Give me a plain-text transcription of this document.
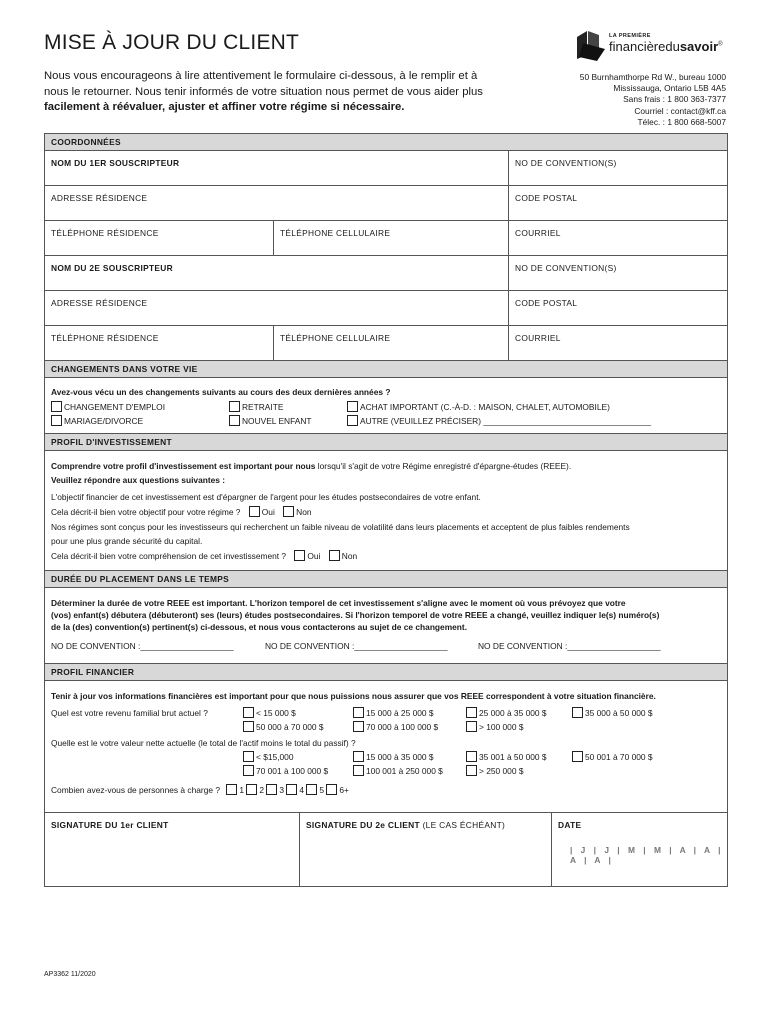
MISE À JOUR DU CLIENT
Nous vous encourageons à lire attentivement le formulaire ci-dessous, à le remplir et à nous le retourner. Nous tenir informés de votre situation nous permet de vous aider plus facilement à réévaluer, ajuster et affiner votre régime si nécessaire.
LA PREMIÈRE
financièredusavoir®
50 Burnhamthorpe Rd W., bureau 1000
Mississauga, Ontario L5B 4A5
Sans frais : 1 800 363-7377
Courriel : contact@kff.ca
Télec. : 1 800 668-5007
COORDONNÉES
NOM DU 1ER SOUSCRIPTEUR	NO DE CONVENTION(S)
ADRESSE RÉSIDENCE	CODE POSTAL
TÉLÉPHONE RÉSIDENCE	TÉLÉPHONE CELLULAIRE	COURRIEL
NOM DU 2E SOUSCRIPTEUR	NO DE CONVENTION(S)
ADRESSE RÉSIDENCE	CODE POSTAL
TÉLÉPHONE RÉSIDENCE	TÉLÉPHONE CELLULAIRE	COURRIEL
CHANGEMENTS DANS VOTRE VIE
Avez-vous vécu un des changements suivants au cours des deux dernières années ?
CHANGEMENT D'EMPLOI	RETRAITE	ACHAT IMPORTANT (C.-À-D. : MAISON, CHALET, AUTOMOBILE)
MARIAGE/DIVORCE	NOUVEL ENFANT	AUTRE (VEUILLEZ PRÉCISER) ____________________________________
PROFIL D'INVESTISSEMENT
Comprendre votre profil d'investissement est important pour nous lorsqu'il s'agit de votre Régime enregistré d'épargne-études (REEE).
Veuillez répondre aux questions suivantes :
L'objectif financier de cet investissement est d'épargner de l'argent pour les études postsecondaires de votre enfant.
Cela décrit-il bien votre objectif pour votre régime ?	Oui	Non
Nos régimes sont conçus pour les investisseurs qui recherchent un faible niveau de volatilité dans leurs placements et acceptent de plus faibles rendements
pour une plus grande sécurité du capital.
Cela décrit-il bien votre compréhension de cet investissement ?	Oui	Non
DURÉE DU PLACEMENT DANS LE TEMPS
Déterminer la durée de votre REEE est important. L'horizon temporel de cet investissement s'aligne avec le moment où vous prévoyez que votre
(vos) enfant(s) débutera (débuteront) ses (leurs) études postsecondaires. Si l'horizon temporel de votre REEE a changé, veuillez indiquer le(s) numéro(s)
de la (des) convention(s) pertinent(s) ci-dessous, et nous vous contacterons au sujet de ce changement.
NO DE CONVENTION :____________________	NO DE CONVENTION :____________________	NO DE CONVENTION :____________________
PROFIL FINANCIER
Tenir à jour vos informations financières est important pour que nous puissions nous assurer que vos REEE correspondent à votre situation financière.
Quel est votre revenu familial brut actuel ?	< 15 000 $	15 000 à 25 000 $	25 000 à 35 000 $	35 000 à 50 000 $
50 000 à 70 000 $	70 000 à 100 000 $	> 100 000 $
Quelle est le votre valeur nette actuelle (le total de l'actif moins le total du passif) ?
< $15,000	15 000 à 35 000 $	35 001 à 50 000 $	50 001 à 70 000 $
70 001 à 100 000 $	100 001 à 250 000 $	> 250 000 $
Combien avez-vous de personnes à charge ? 1 2 3 4 5 6+
SIGNATURE DU 1er CLIENT	SIGNATURE DU 2e CLIENT (LE CAS ÉCHÉANT)	DATE
| J | J | M | M | A | A | A | A |
AP3362 11/2020
